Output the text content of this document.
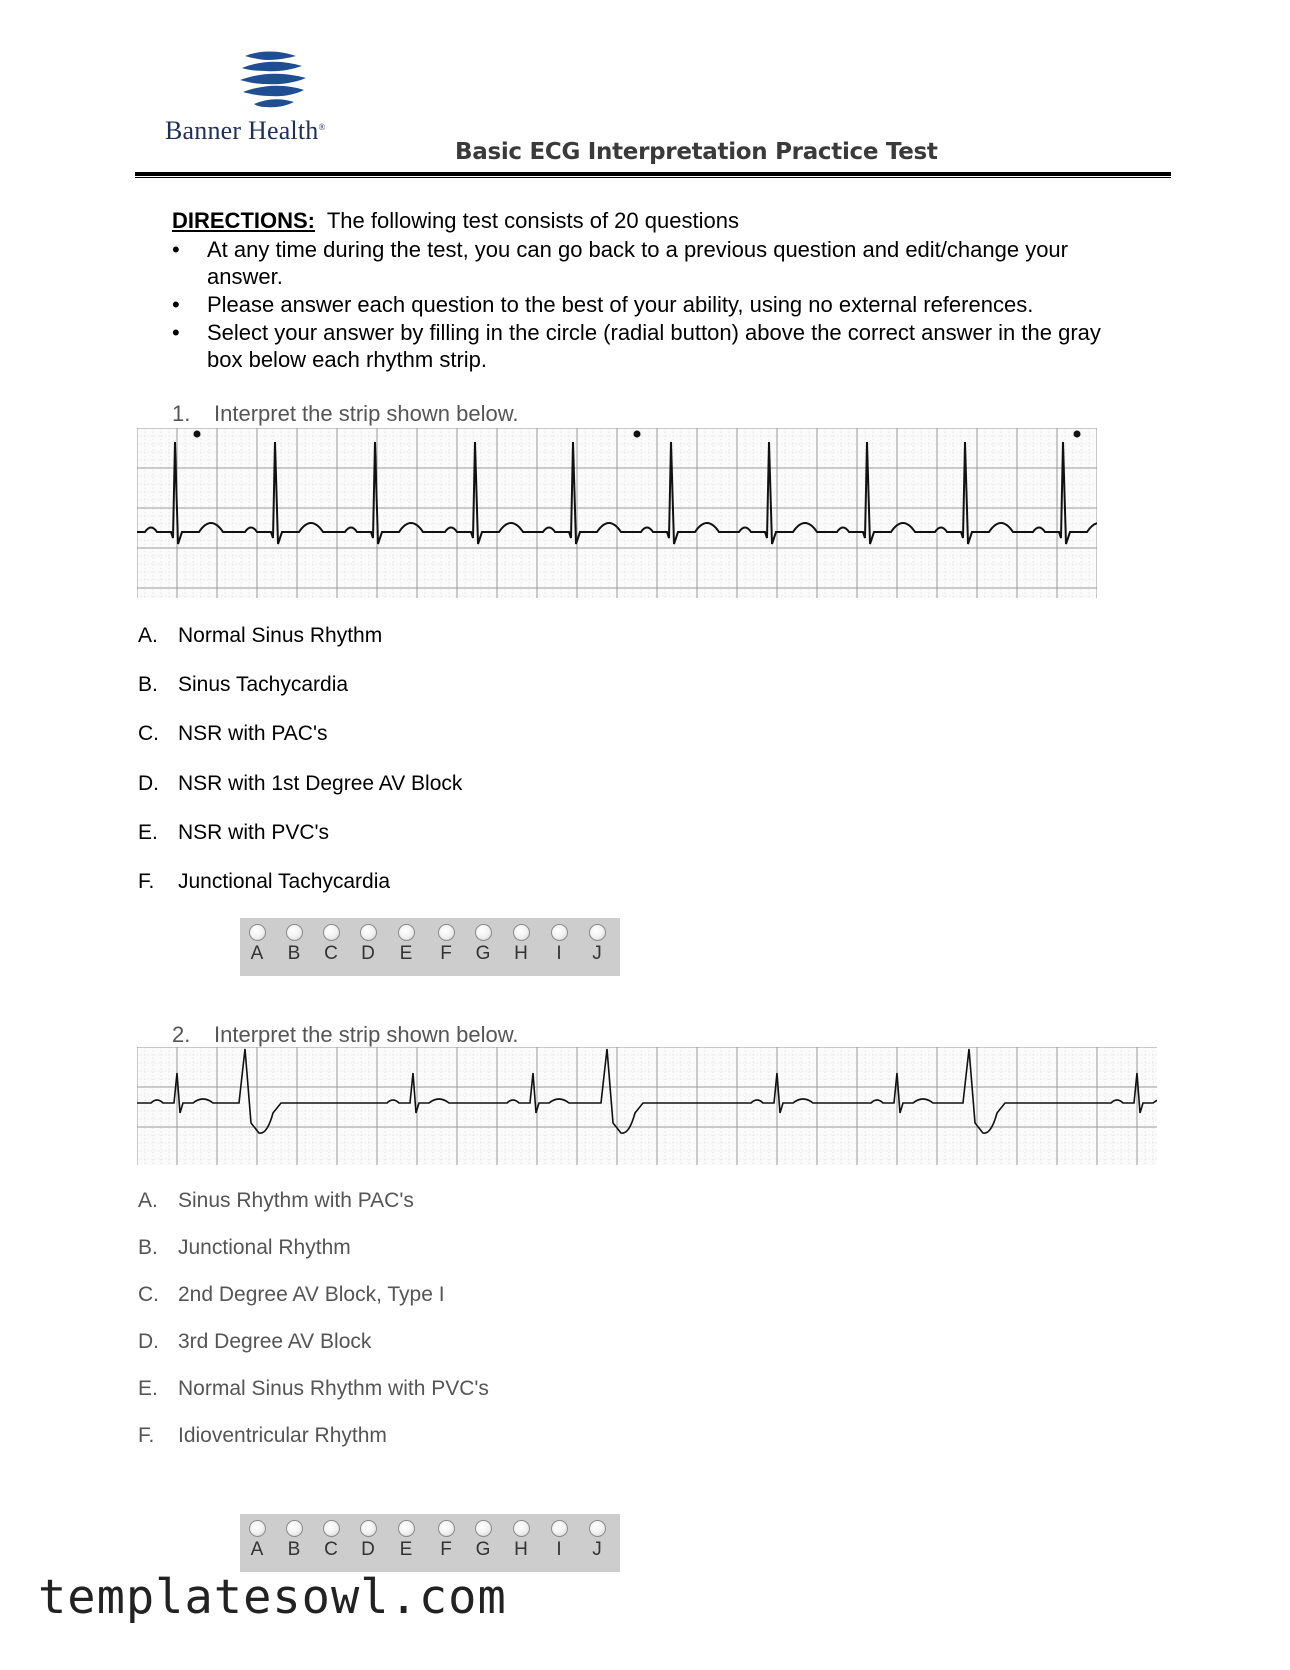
Banner Health®
Basic ECG Interpretation Practice Test
DIRECTIONS: The following test consists of 20 questions
• At any time during the test, you can go back to a previous question and edit/change your
answer.
• Please answer each question to the best of your ability, using no external references.
• Select your answer by filling in the circle (radial button) above the correct answer in the gray
box below each rhythm strip.
1. Interpret the strip shown below.
A. Normal Sinus Rhythm
B. Sinus Tachycardia
C. NSR with PAC's
D. NSR with 1st Degree AV Block
E. NSR with PVC's
F. Junctional Tachycardia
A	B	C	D	E	F	G	H	I	J
2. Interpret the strip shown below.
A. Sinus Rhythm with PAC's
B. Junctional Rhythm
C. 2nd Degree AV Block, Type I
D. 3rd Degree AV Block
E. Normal Sinus Rhythm with PVC's
F. Idioventricular Rhythm
A	B	C	D	E	F	G	H	I	J
templatesowl.com
